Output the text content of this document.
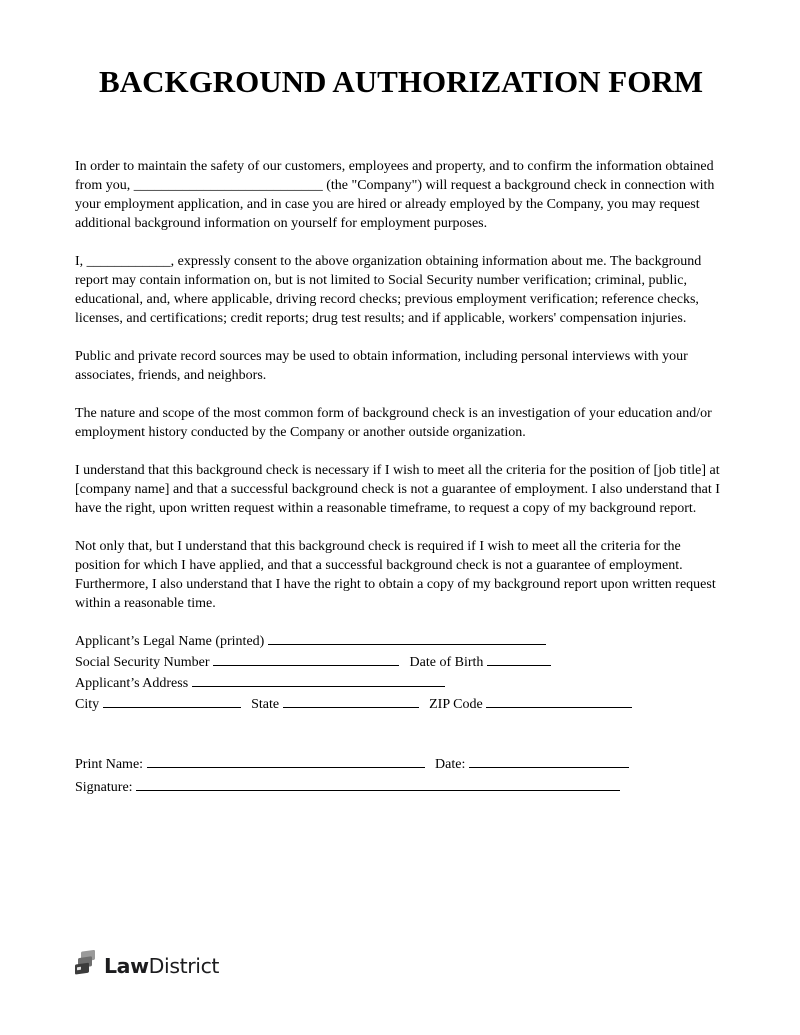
BACKGROUND AUTHORIZATION FORM

In order to maintain the safety of our customers, employees and property, and to confirm the information obtained from you, ___________________________ (the "Company") will request a background check in connection with your employment application, and in case you are hired or already employed by the Company, you may request additional background information on yourself for employment purposes.

I, ____________, expressly consent to the above organization obtaining information about me. The background report may contain information on, but is not limited to Social Security number verification; criminal, public, educational, and, where applicable, driving record checks; previous employment verification; reference checks, licenses, and certifications; credit reports; drug test results; and if applicable, workers' compensation injuries.

Public and private record sources may be used to obtain information, including personal interviews with your associates, friends, and neighbors.

The nature and scope of the most common form of background check is an investigation of your education and/or employment history conducted by the Company or another outside organization.

I understand that this background check is necessary if I wish to meet all the criteria for the position of [job title] at [company name] and that a successful background check is not a guarantee of employment. I also understand that I have the right, upon written request within a reasonable timeframe, to request a copy of my background report.

Not only that, but I understand that this background check is required if I wish to meet all the criteria for the position for which I have applied, and that a successful background check is not a guarantee of employment. Furthermore, I also understand that I have the right to obtain a copy of my background report upon written request within a reasonable time.

Applicant’s Legal Name (printed)
Social Security Number	Date of Birth
Applicant’s Address
City	State	ZIP Code
Print Name:	Date:
Signature:
LawDistrict
